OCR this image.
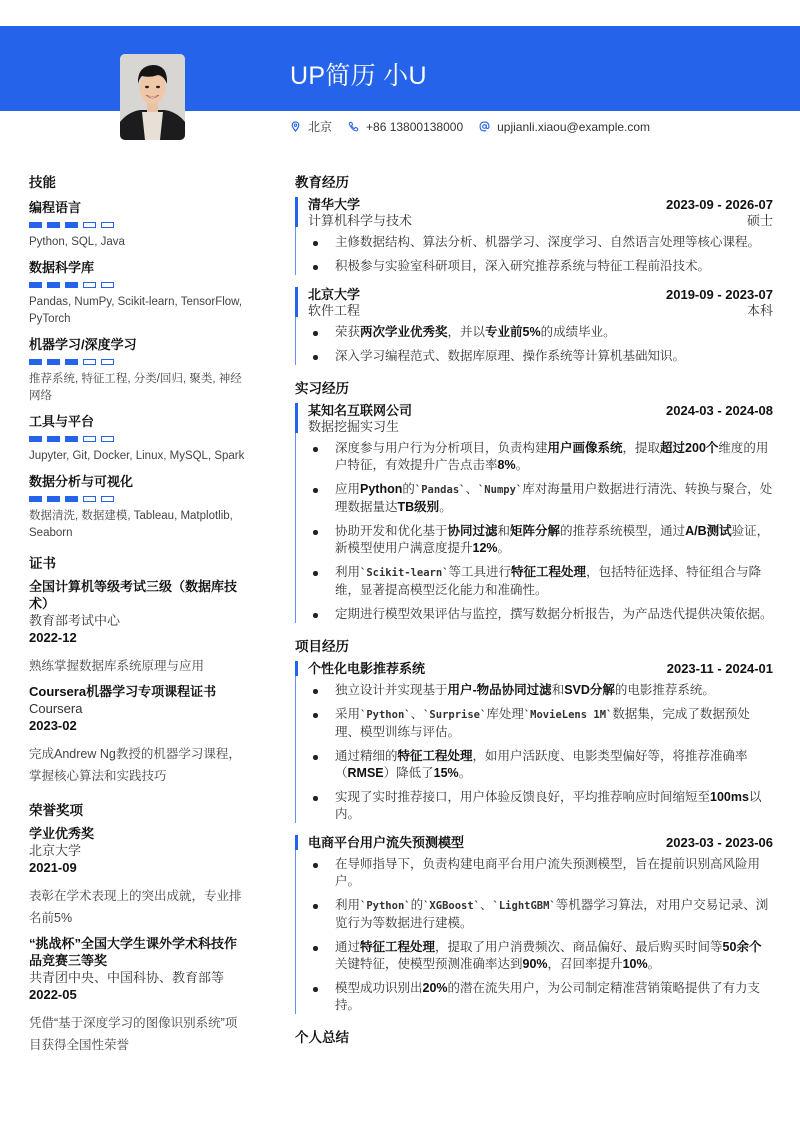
UP简历 小U
北京	+86 13800138000	upjianli.xiaou@example.com
技能
编程语言
Python, SQL, Java
数据科学库
Pandas, NumPy, Scikit-learn, TensorFlow, PyTorch
机器学习/深度学习
推荐系统, 特征工程, 分类/回归, 聚类, 神经网络
工具与平台
Jupyter, Git, Docker, Linux, MySQL, Spark
数据分析与可视化
数据清洗, 数据建模, Tableau, Matplotlib, Seaborn
证书
全国计算机等级考试三级（数据库技术）
教育部考试中心
2022-12
熟练掌握数据库系统原理与应用
Coursera机器学习专项课程证书
Coursera
2023-02
完成Andrew Ng教授的机器学习课程，掌握核心算法和实践技巧
荣誉奖项
学业优秀奖
北京大学
2021-09
表彰在学术表现上的突出成就，专业排名前5%
“挑战杯”全国大学生课外学术科技作品竞赛三等奖
共青团中央、中国科协、教育部等
2022-05
凭借“基于深度学习的图像识别系统”项目获得全国性荣誉
教育经历
清华大学	2023-09 - 2026-07
计算机科学与技术	硕士
主修数据结构、算法分析、机器学习、深度学习、自然语言处理等核心课程。
积极参与实验室科研项目，深入研究推荐系统与特征工程前沿技术。
北京大学	2019-09 - 2023-07
软件工程	本科
荣获两次学业优秀奖，并以专业前5%的成绩毕业。
深入学习编程范式、数据库原理、操作系统等计算机基础知识。
实习经历
某知名互联网公司	2024-03 - 2024-08
数据挖掘实习生
深度参与用户行为分析项目，负责构建用户画像系统，提取超过200个维度的用户特征，有效提升广告点击率8%。
应用Python的`Pandas`、`Numpy`库对海量用户数据进行清洗、转换与聚合，处理数据量达TB级别。
协助开发和优化基于协同过滤和矩阵分解的推荐系统模型，通过A/B测试验证，新模型使用户满意度提升12%。
利用`Scikit-learn`等工具进行特征工程处理，包括特征选择、特征组合与降维，显著提高模型泛化能力和准确性。
定期进行模型效果评估与监控，撰写数据分析报告，为产品迭代提供决策依据。
项目经历
个性化电影推荐系统	2023-11 - 2024-01
独立设计并实现基于用户-物品协同过滤和SVD分解的电影推荐系统。
采用`Python`、`Surprise`库处理`MovieLens 1M`数据集，完成了数据预处理、模型训练与评估。
通过精细的特征工程处理，如用户活跃度、电影类型偏好等，将推荐准确率（RMSE）降低了15%。
实现了实时推荐接口，用户体验反馈良好，平均推荐响应时间缩短至100ms以内。
电商平台用户流失预测模型	2023-03 - 2023-06
在导师指导下，负责构建电商平台用户流失预测模型，旨在提前识别高风险用户。
利用`Python`的`XGBoost`、`LightGBM`等机器学习算法，对用户交易记录、浏览行为等数据进行建模。
通过特征工程处理，提取了用户消费频次、商品偏好、最后购买时间等50余个关键特征，使模型预测准确率达到90%，召回率提升10%。
模型成功识别出20%的潜在流失用户，为公司制定精准营销策略提供了有力支持。
个人总结
